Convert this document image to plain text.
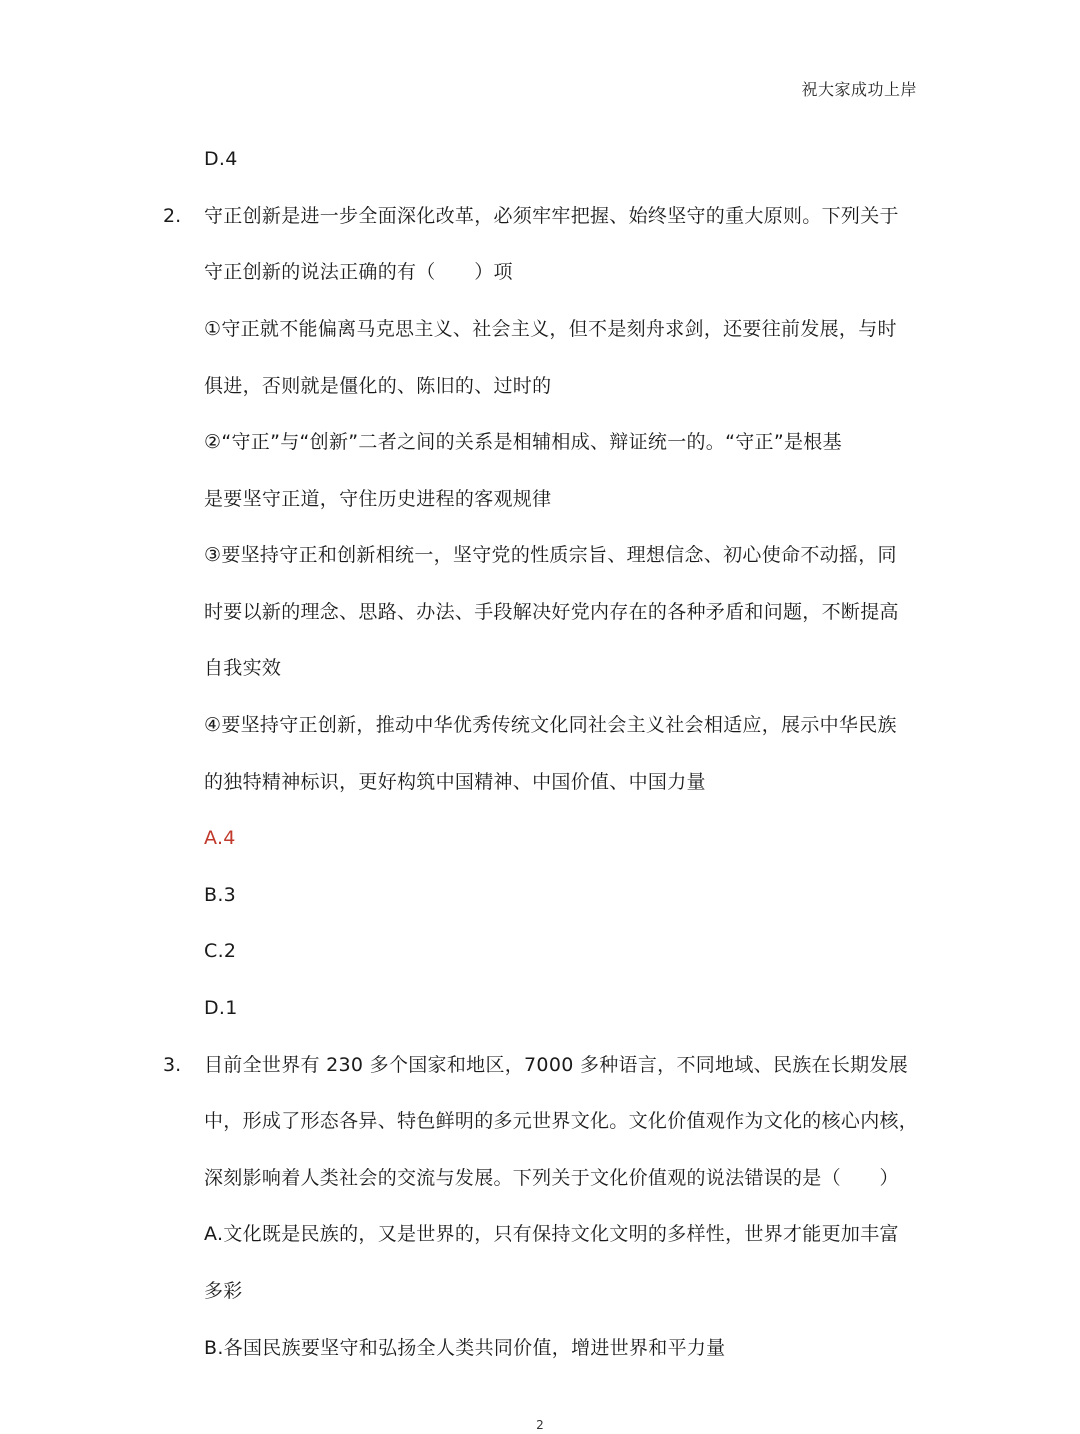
祝大家成功上岸
D.4
2. 守正创新是进一步全面深化改革，必须牢牢把握、始终坚守的重大原则。下列关于
守正创新的说法正确的有（　　）项
①守正就不能偏离马克思主义、社会主义，但不是刻舟求剑，还要往前发展，与时
俱进，否则就是僵化的、陈旧的、过时的
②“守正”与“创新”二者之间的关系是相辅相成、辩证统一的。“守正”是根基
是要坚守正道，守住历史进程的客观规律
③要坚持守正和创新相统一，坚守党的性质宗旨、理想信念、初心使命不动摇，同
时要以新的理念、思路、办法、手段解决好党内存在的各种矛盾和问题，不断提高
自我实效
④要坚持守正创新，推动中华优秀传统文化同社会主义社会相适应，展示中华民族
的独特精神标识，更好构筑中国精神、中国价值、中国力量
A.4
B.3
C.2
D.1
3. 目前全世界有 230 多个国家和地区，7000 多种语言，不同地域、民族在长期发展
中，形成了形态各异、特色鲜明的多元世界文化。文化价值观作为文化的核心内核，
深刻影响着人类社会的交流与发展。下列关于文化价值观的说法错误的是（　　）
A.文化既是民族的，又是世界的，只有保持文化文明的多样性，世界才能更加丰富
多彩
B.各国民族要坚守和弘扬全人类共同价值，增进世界和平力量
2
